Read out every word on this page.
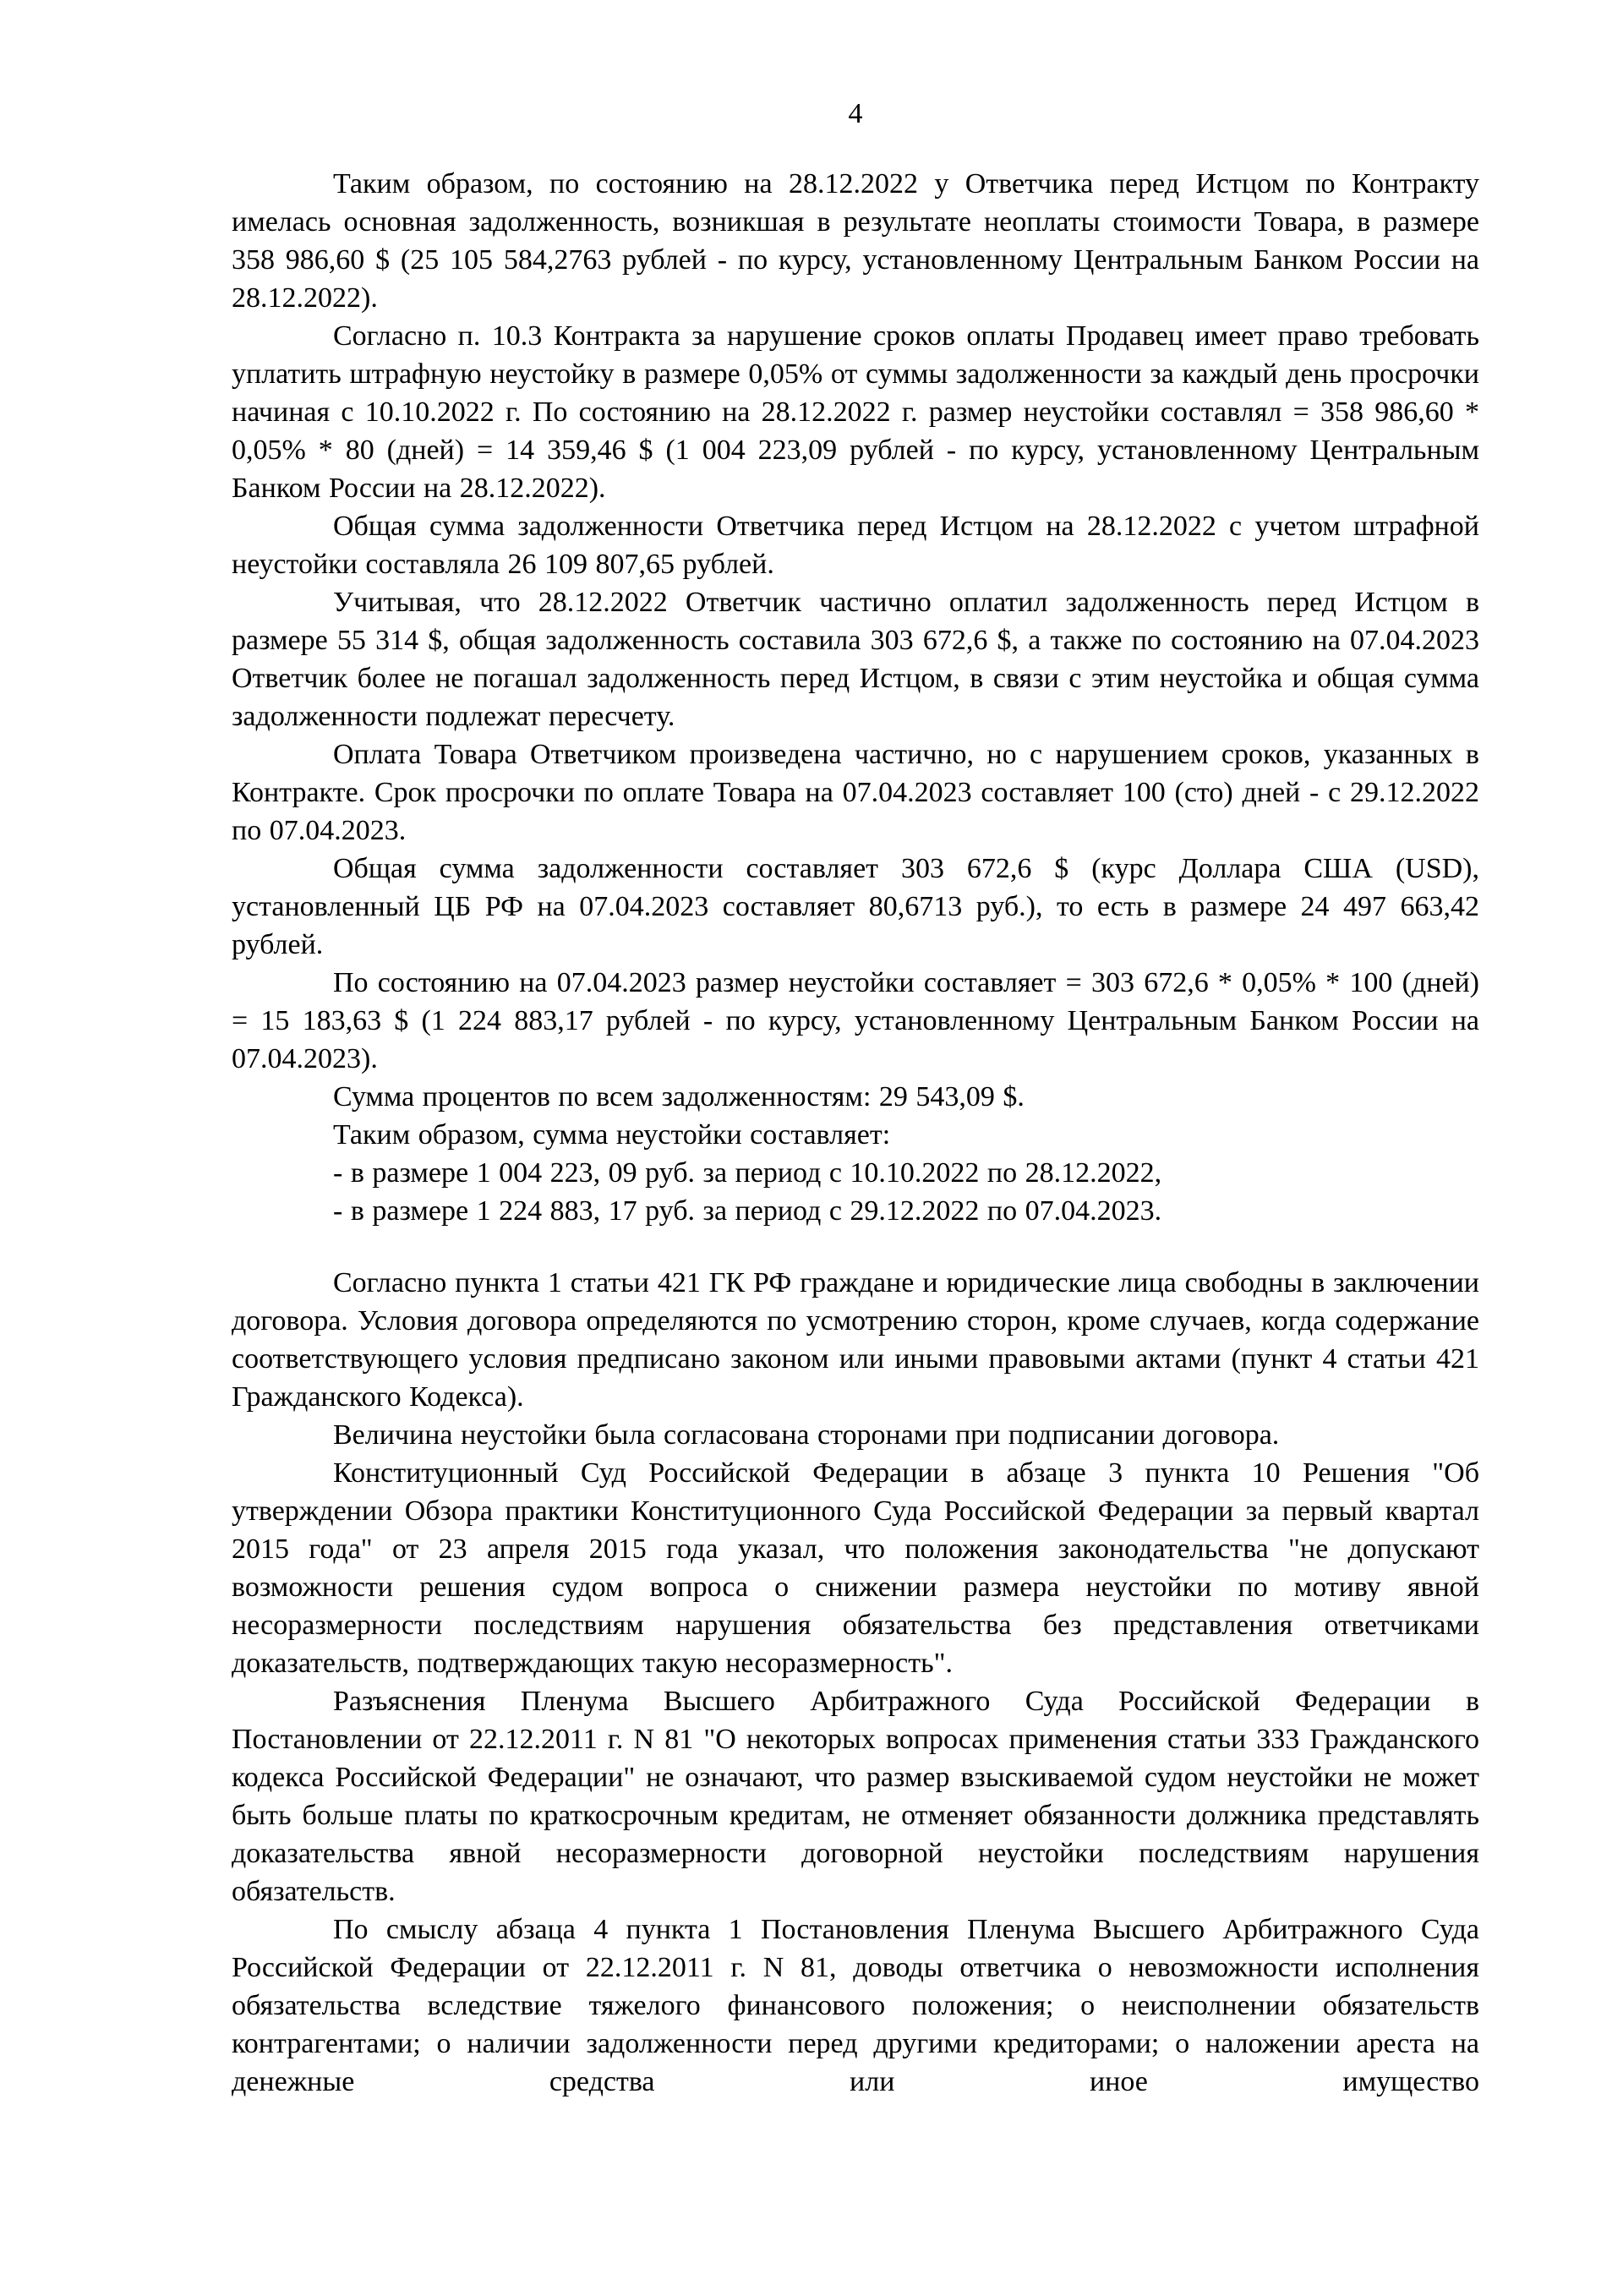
4

Таким образом, по состоянию на 28.12.2022 у Ответчика перед Истцом по Контракту имелась основная задолженность, возникшая в результате неоплаты стоимости Товара, в размере 358 986,60 $ (25 105 584,2763 рублей - по курсу, установленному Центральным Банком России на 28.12.2022).

Согласно п. 10.3 Контракта за нарушение сроков оплаты Продавец имеет право требовать уплатить штрафную неустойку в размере 0,05% от суммы задолженности за каждый день просрочки начиная с 10.10.2022 г. По состоянию на 28.12.2022 г. размер неустойки составлял = 358 986,60 * 0,05% * 80 (дней) = 14 359,46 $ (1 004 223,09 рублей - по курсу, установленному Центральным Банком России на 28.12.2022).

Общая сумма задолженности Ответчика перед Истцом на 28.12.2022 с учетом штрафной неустойки составляла 26 109 807,65 рублей.

Учитывая, что 28.12.2022 Ответчик частично оплатил задолженность перед Истцом в размере 55 314 $, общая задолженность составила 303 672,6 $, а также по состоянию на 07.04.2023 Ответчик более не погашал задолженность перед Истцом, в связи с этим неустойка и общая сумма задолженности подлежат пересчету.

Оплата Товара Ответчиком произведена частично, но с нарушением сроков, указанных в Контракте. Срок просрочки по оплате Товара на 07.04.2023 составляет 100 (сто) дней - с 29.12.2022 по 07.04.2023.

Общая сумма задолженности составляет 303 672,6 $ (курс Доллара США (USD), установленный ЦБ РФ на 07.04.2023 составляет 80,6713 руб.), то есть в размере 24 497 663,42 рублей.

По состоянию на 07.04.2023 размер неустойки составляет = 303 672,6 * 0,05% * 100 (дней) = 15 183,63 $ (1 224 883,17 рублей - по курсу, установленному Центральным Банком России на 07.04.2023).

Сумма процентов по всем задолженностям: 29 543,09 $.

Таким образом, сумма неустойки составляет:

- в размере 1 004 223, 09 руб. за период с 10.10.2022 по 28.12.2022,

- в размере 1 224 883, 17 руб. за период с 29.12.2022 по 07.04.2023.

Согласно пункта 1 статьи 421 ГК РФ граждане и юридические лица свободны в заключении договора. Условия договора определяются по усмотрению сторон, кроме случаев, когда содержание соответствующего условия предписано законом или иными правовыми актами (пункт 4 статьи 421 Гражданского Кодекса).

Величина неустойки была согласована сторонами при подписании договора.

Конституционный Суд Российской Федерации в абзаце 3 пункта 10 Решения "Об утверждении Обзора практики Конституционного Суда Российской Федерации за первый квартал 2015 года" от 23 апреля 2015 года указал, что положения законодательства "не допускают возможности решения судом вопроса о снижении размера неустойки по мотиву явной несоразмерности последствиям нарушения обязательства без представления ответчиками доказательств, подтверждающих такую несоразмерность".

Разъяснения Пленума Высшего Арбитражного Суда Российской Федерации в Постановлении от 22.12.2011 г. N 81 "О некоторых вопросах применения статьи 333 Гражданского кодекса Российской Федерации" не означают, что размер взыскиваемой судом неустойки не может быть больше платы по краткосрочным кредитам, не отменяет обязанности должника представлять доказательства явной несоразмерности договорной неустойки последствиям нарушения обязательств.

По смыслу абзаца 4 пункта 1 Постановления Пленума Высшего Арбитражного Суда Российской Федерации от 22.12.2011 г. N 81, доводы ответчика о невозможности исполнения обязательства вследствие тяжелого финансового положения; о неисполнении обязательств контрагентами; о наличии задолженности перед другими кредиторами; о наложении ареста на денежные средства или иное имущество
